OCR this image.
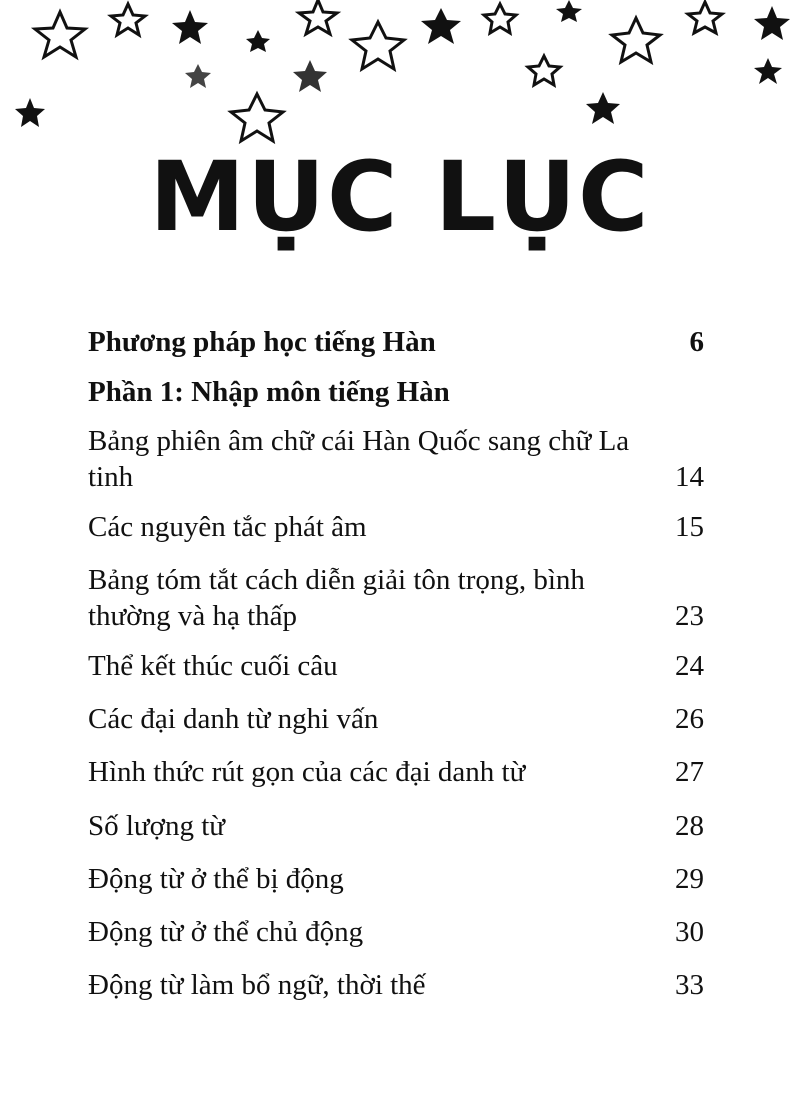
MỤC LỤC
Phương pháp học tiếng Hàn	6
Phần 1: Nhập môn tiếng Hàn
Bảng phiên âm chữ cái Hàn Quốc sang chữ La tinh	14
Các nguyên tắc phát âm	15
Bảng tóm tắt cách diễn giải tôn trọng, bình thường và hạ thấp	23
Thể kết thúc cuối câu	24
Các đại danh từ nghi vấn	26
Hình thức rút gọn của các đại danh từ	27
Số lượng từ	28
Động từ ở thể bị động	29
Động từ ở thể chủ động	30
Động từ làm bổ ngữ, thời thế	33
